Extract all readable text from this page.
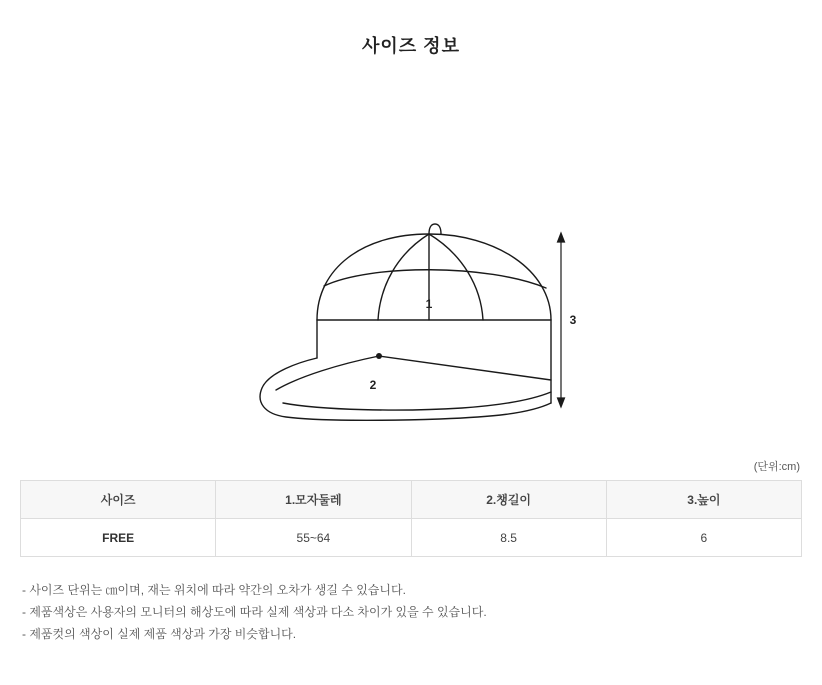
사이즈 정보
1
2
3
(단위:cm)
사이즈	1.모자둘레	2.챙길이	3.높이
FREE	55~64	8.5	6
- 사이즈 단위는 ㎝이며, 재는 위치에 따라 약간의 오차가 생길 수 있습니다.
- 제품색상은 사용자의 모니터의 해상도에 따라 실제 색상과 다소 차이가 있을 수 있습니다.
- 제품컷의 색상이 실제 제품 색상과 가장 비슷합니다.
